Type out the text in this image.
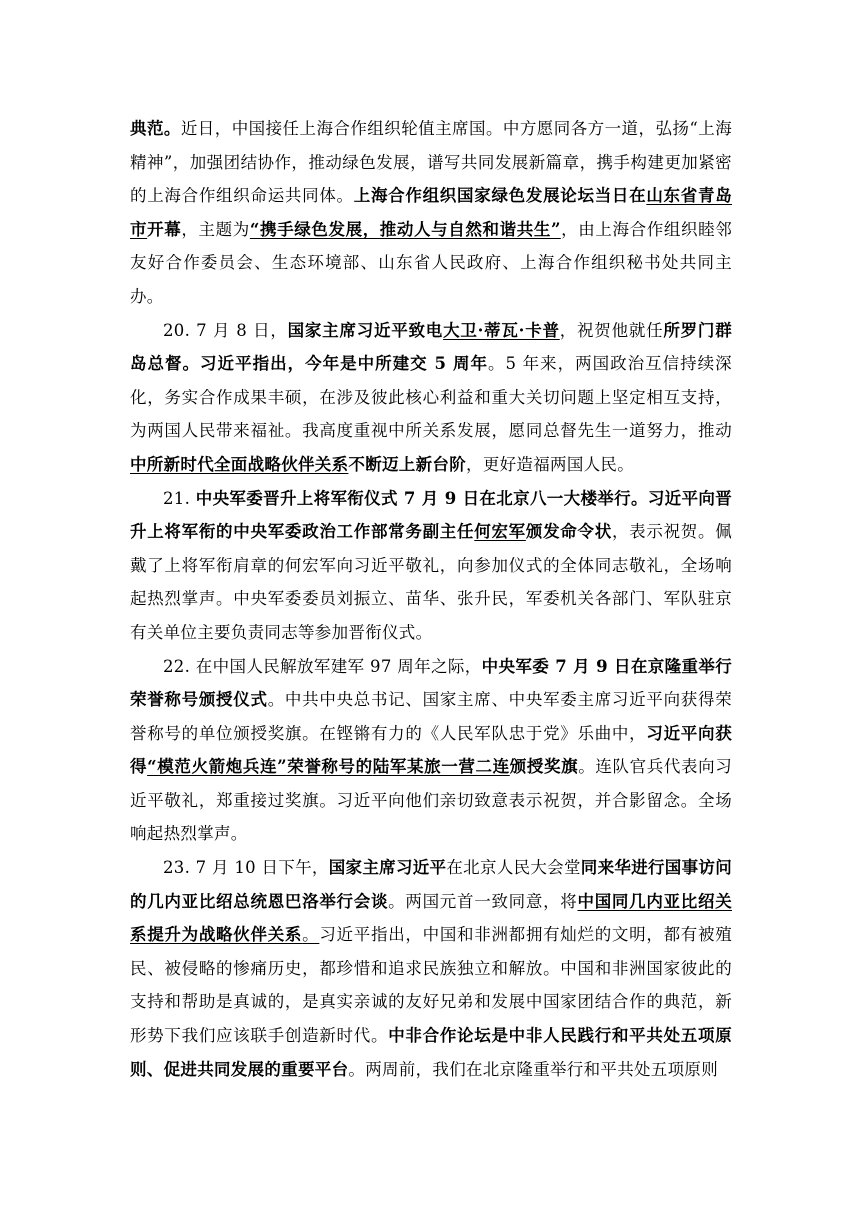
典范。近日，中国接任上海合作组织轮值主席国。中方愿同各方一道，弘扬“上海精神”，加强团结协作，推动绿色发展，谱写共同发展新篇章，携手构建更加紧密的上海合作组织命运共同体。上海合作组织国家绿色发展论坛当日在山东省青岛市开幕，主题为“携手绿色发展，推动人与自然和谐共生”，由上海合作组织睦邻友好合作委员会、生态环境部、山东省人民政府、上海合作组织秘书处共同主办。

20. 7 月 8 日，国家主席习近平致电大卫·蒂瓦·卡普，祝贺他就任所罗门群岛总督。习近平指出，今年是中所建交 5 周年。5 年来，两国政治互信持续深化，务实合作成果丰硕，在涉及彼此核心利益和重大关切问题上坚定相互支持，为两国人民带来福祉。我高度重视中所关系发展，愿同总督先生一道努力，推动中所新时代全面战略伙伴关系不断迈上新台阶，更好造福两国人民。

21. 中央军委晋升上将军衔仪式 7 月 9 日在北京八一大楼举行。习近平向晋升上将军衔的中央军委政治工作部常务副主任何宏军颁发命令状，表示祝贺。佩戴了上将军衔肩章的何宏军向习近平敬礼，向参加仪式的全体同志敬礼，全场响起热烈掌声。中央军委委员刘振立、苗华、张升民，军委机关各部门、军队驻京有关单位主要负责同志等参加晋衔仪式。

22. 在中国人民解放军建军 97 周年之际，中央军委 7 月 9 日在京隆重举行荣誉称号颁授仪式。中共中央总书记、国家主席、中央军委主席习近平向获得荣誉称号的单位颁授奖旗。在铿锵有力的《人民军队忠于党》乐曲中，习近平向获得“模范火箭炮兵连”荣誉称号的陆军某旅一营二连颁授奖旗。连队官兵代表向习近平敬礼，郑重接过奖旗。习近平向他们亲切致意表示祝贺，并合影留念。全场响起热烈掌声。

23. 7 月 10 日下午，国家主席习近平在北京人民大会堂同来华进行国事访问的几内亚比绍总统恩巴洛举行会谈。两国元首一致同意，将中国同几内亚比绍关系提升为战略伙伴关系。习近平指出，中国和非洲都拥有灿烂的文明，都有被殖民、被侵略的惨痛历史，都珍惜和追求民族独立和解放。中国和非洲国家彼此的支持和帮助是真诚的，是真实亲诚的友好兄弟和发展中国家团结合作的典范，新形势下我们应该联手创造新时代。中非合作论坛是中非人民践行和平共处五项原则、促进共同发展的重要平台。两周前，我们在北京隆重举行和平共处五项原则
